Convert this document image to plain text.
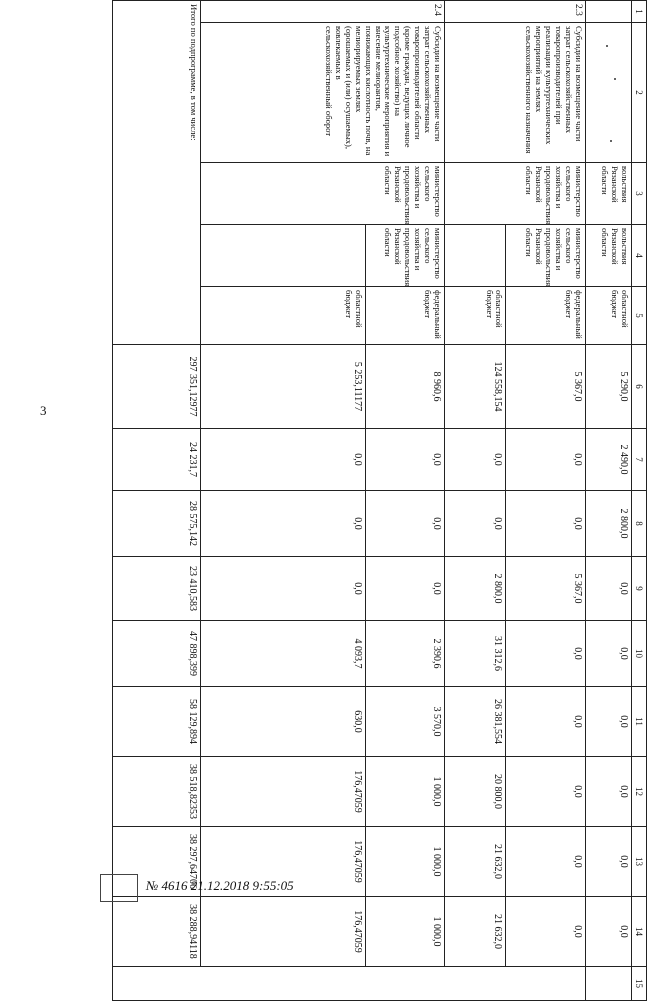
3
1	2	3	4	5	6	7	8	9	10	11	12	13	14	15	
		вольствия Рязанской области	вольствия Рязанской области	областной бюджет	5 290,0	2 490,0	2 800,0	0,0	0,0	0,0	0,0	0,0	0,0		
2.3	Субсидии на возмещение части затрат сельскохозяйственных товаропроизводителей при реализации культуртехнических мероприятий на землях сельскохозяйственного назначения	министерство сельского хозяйства и продовольствия Рязанской области	министерство сельского хозяйства и продовольствия Рязанской области	федеральный бюджет	5 367,0	0,0	0,0	5 367,0	0,0	0,0	0,0	0,0	0,0		
				областной бюджет	124 558,154	0,0	0,0	2 800,0	31 312,6	26 381,554	20 800,0	21 632,0	21 632,0		
2.4	Субсидии на возмещение части затрат сельскохозяйственных товаропроизводителей области (кроме граждан, ведущих личное подсобное хозяйство) на культуртехнические мероприятия и внесение мелиорантов, понижающих кислотность почв, на мелиорируемых землях (орошаемых и (или) осушаемых), вовлекаемых в сельскохозяйственный оборот	министерство сельского хозяйства и продовольствия Рязанской области	министерство сельского хозяйства и продовольствия Рязанской области	федеральный бюджет	8 960,6	0,0	0,0	0,0	2 390,6	3 570,0	1 000,0	1 000,0	1 000,0		
				областной бюджет	5 253,11177	0,0	0,0	0,0	4 093,7	630,0	176,47059	176,47059	176,47059		
Итого по подпрограмме, в том числе:					297 351,12977	24 231,7	28 575,142	23 410,583	47 898,399	58 129,894	38 518,82353	38 297,64706	38 288,94118		
№ 4616 21.12.2018 9:55:05
